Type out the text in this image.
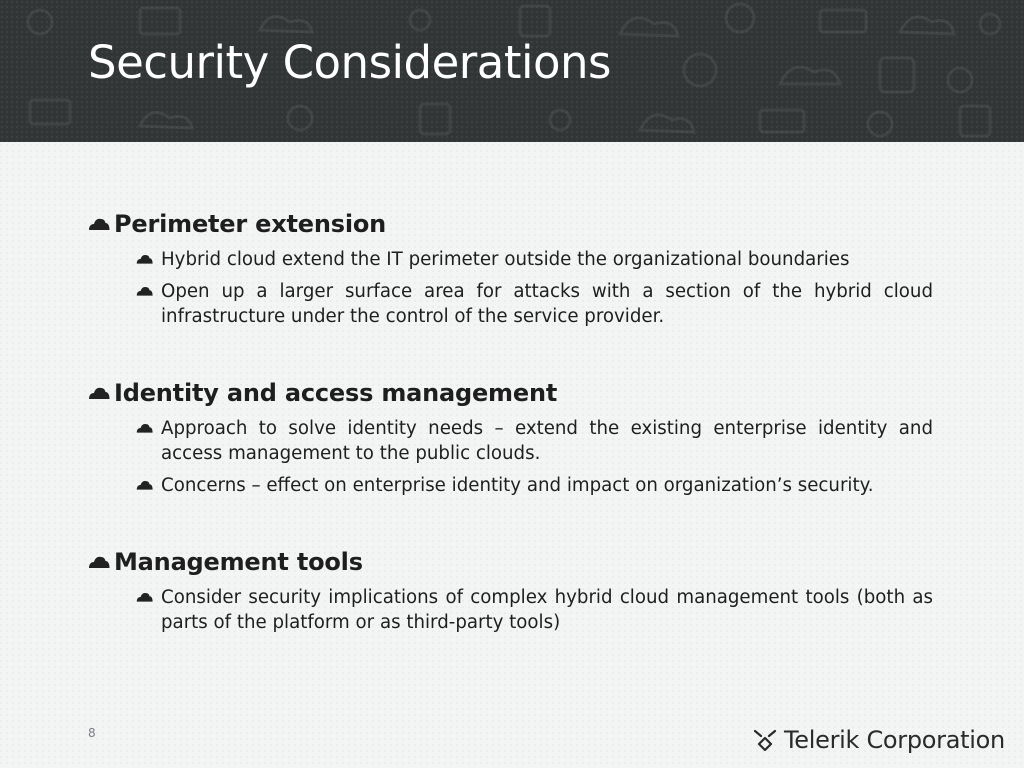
Security Considerations
Perimeter extension
Hybrid cloud extend the IT perimeter outside the organizational boundaries
Open up a larger surface area for attacks with a section of the hybrid cloud infrastructure under the control of the service provider.
Identity and access management
Approach to solve identity needs – extend the existing enterprise identity and access management to the public clouds.
Concerns – effect on enterprise identity and impact on organization’s security.
Management tools
Consider security implications of complex hybrid cloud management tools (both as parts of the platform or as third-party tools)
8	Telerik Corporation
